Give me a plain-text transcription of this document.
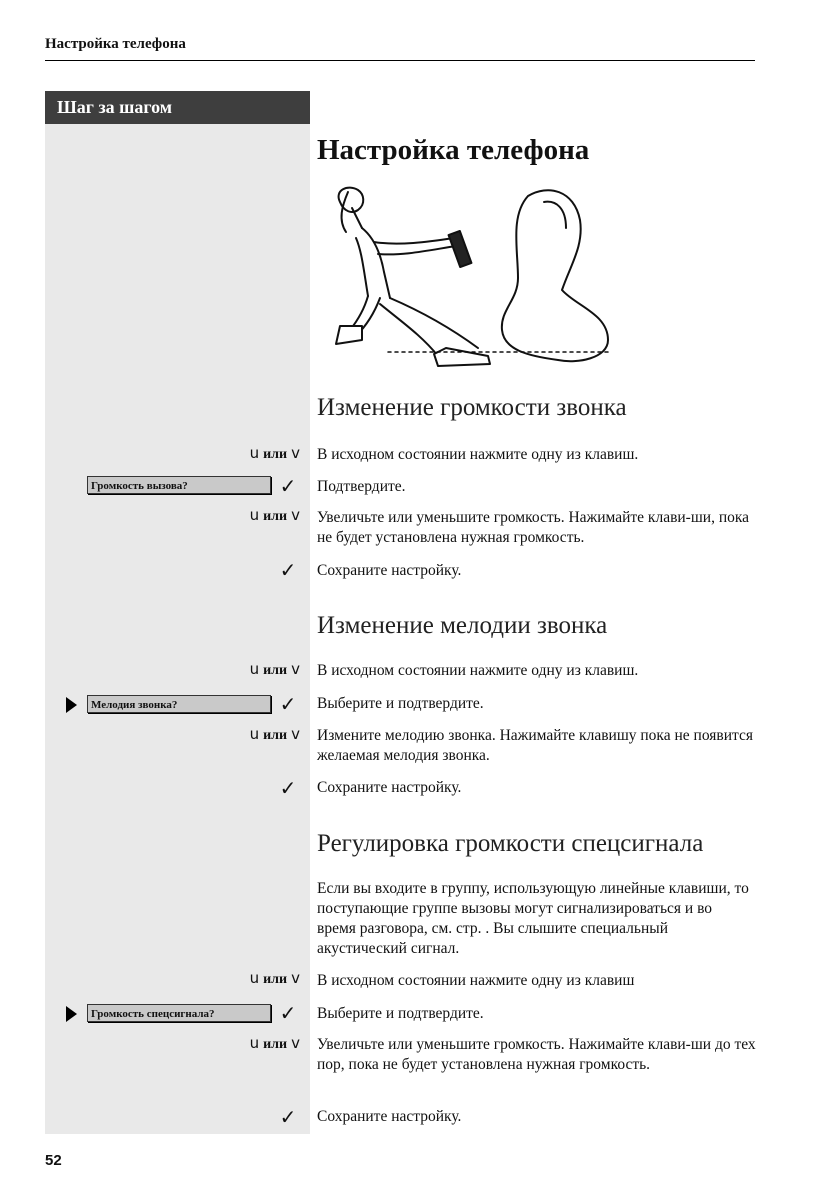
Настройка телефона
Шаг за шагом
Настройка телефона
Изменение громкости звонка
u или v В исходном состоянии нажмите одну из клавиш.
Громкость вызова?	✓ Подтвердите.
u или v Увеличьте или уменьшите громкость. Нажимайте клави-ши, пока не будет установлена нужная громкость.
✓ Сохраните настройку.
Изменение мелодии звонка
u или v В исходном состоянии нажмите одну из клавиш.
Мелодия звонка?	✓ Выберите и подтвердите.
u или v Измените мелодию звонка. Нажимайте клавишу пока не появится желаемая мелодия звонка.
✓ Сохраните настройку.
Регулировка громкости спецсигнала
Если вы входите в группу, использующую линейные клавиши, то поступающие группе вызовы могут сигнализироваться и во время разговора, см. стр. . Вы слышите специальный акустический сигнал.
u или v В исходном состоянии нажмите одну из клавиш
Громкость спецсигнала?	✓ Выберите и подтвердите.
u или v Увеличьте или уменьшите громкость. Нажимайте клави-ши до тех пор, пока не будет установлена нужная громкость.
✓ Сохраните настройку.
52
